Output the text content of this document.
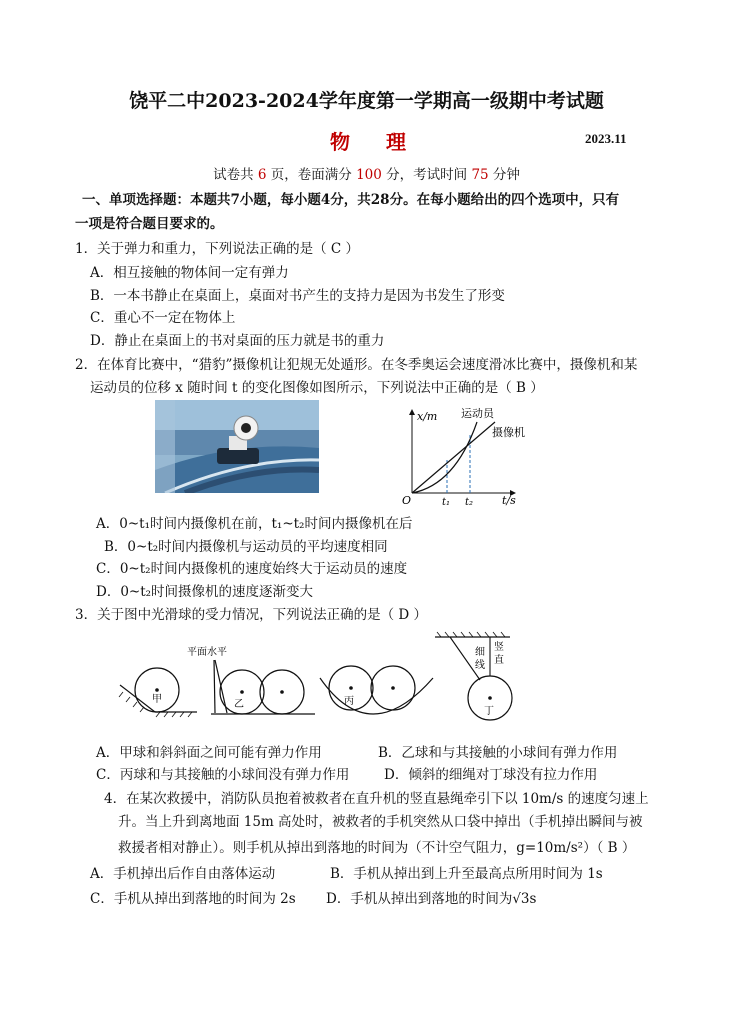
饶平二中2023-2024学年度第一学期高一级期中考试题
物 理	2023.11
试卷共 6 页，卷面满分 100 分，考试时间 75 分钟
一、单项选择题：本题共7小题，每小题4分，共28分。在每小题给出的四个选项中，只有
一项是符合题目要求的。
1．关于弹力和重力，下列说法正确的是（ C ）
A．相互接触的物体间一定有弹力
B．一本书静止在桌面上，桌面对书产生的支持力是因为书发生了形变
C．重心不一定在物体上
D．静止在桌面上的书对桌面的压力就是书的重力
2．在体育比赛中，“猎豹”摄像机让犯规无处遁形。在冬季奥运会速度滑冰比赛中，摄像机和某
运动员的位移 x 随时间 t 的变化图像如图所示，下列说法中正确的是（ B ）
x/m
t/s
O	t₁ t₂
运动员
摄像机
A．0~t₁时间内摄像机在前，t₁~t₂时间内摄像机在后
B．0~t₂时间内摄像机与运动员的平均速度相同
C．0~t₂时间内摄像机的速度始终大于运动员的速度
D．0~t₂时间摄像机的速度逐渐变大
3．关于图中光滑球的受力情况，下列说法正确的是（ D ）
甲
平面水平
乙	丙
丁
细
线
竖
直
A．甲球和斜斜面之间可能有弹力作用	B．乙球和与其接触的小球间有弹力作用
C．丙球和与其接触的小球间没有弹力作用	D．倾斜的细绳对丁球没有拉力作用
4．在某次救援中，消防队员抱着被救者在直升机的竖直悬绳牵引下以 10m/s 的速度匀速上
升。当上升到离地面 15m 高处时，被救者的手机突然从口袋中掉出（手机掉出瞬间与被
救援者相对静止）。则手机从掉出到落地的时间为（不计空气阻力，g=10m/s²）（ B ）
A．手机掉出后作自由落体运动	B．手机从掉出到上升至最高点所用时间为 1s
C．手机从掉出到落地的时间为 2s D．手机从掉出到落地的时间为√3s
